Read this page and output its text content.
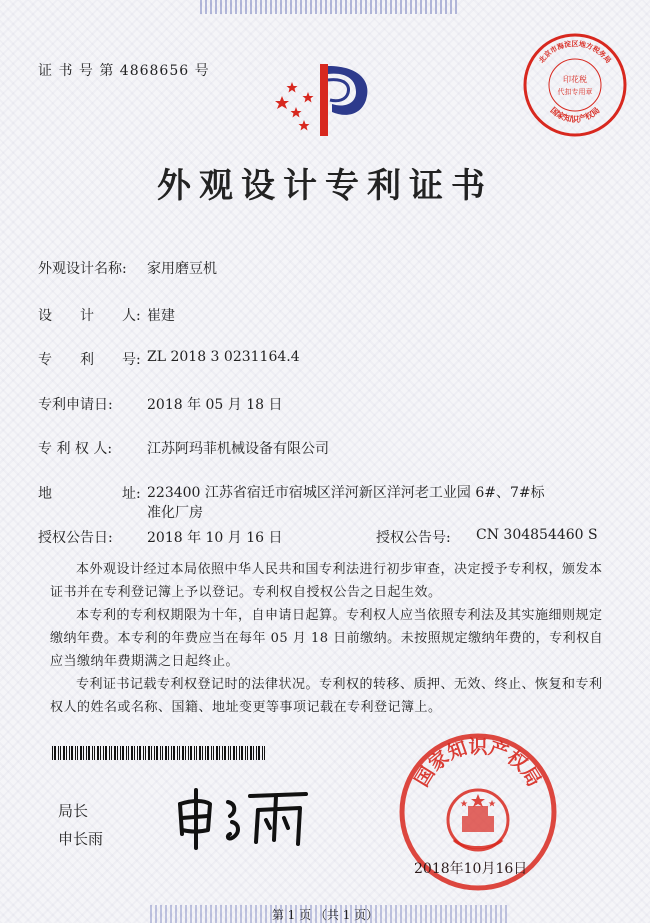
证 书 号 第 4868656 号
外观设计专利证书
北京市海淀区地方税务局
印花税
代扣专用章
国家知识产权局
外观设计名称: 家用磨豆机
设　　计　　人: 崔建
专　　利　　号: ZL 2018 3 0231164.4
专利申请日: 2018 年 05 月 18 日
专 利 权 人: 江苏阿玛菲机械设备有限公司
地　　　　　址: 223400 江苏省宿迁市宿城区洋河新区洋河老工业园 6#、7#标准化厂房
授权公告日: 2018 年 10 月 16 日	授权公告号: CN 304854460 S
本外观设计经过本局依照中华人民共和国专利法进行初步审查，决定授予专利权，颁发本证书并在专利登记簿上予以登记。专利权自授权公告之日起生效。
本专利的专利权期限为十年，自申请日起算。专利权人应当依照专利法及其实施细则规定缴纳年费。本专利的年费应当在每年 05 月 18 日前缴纳。未按照规定缴纳年费的，专利权自应当缴纳年费期满之日起终止。
专利证书记载专利权登记时的法律状况。专利权的转移、质押、无效、终止、恢复和专利权人的姓名或名称、国籍、地址变更等事项记载在专利登记簿上。
局长
申长雨
国家知识产权局
2018年10月16日
第 1 页 （共 1 页）
